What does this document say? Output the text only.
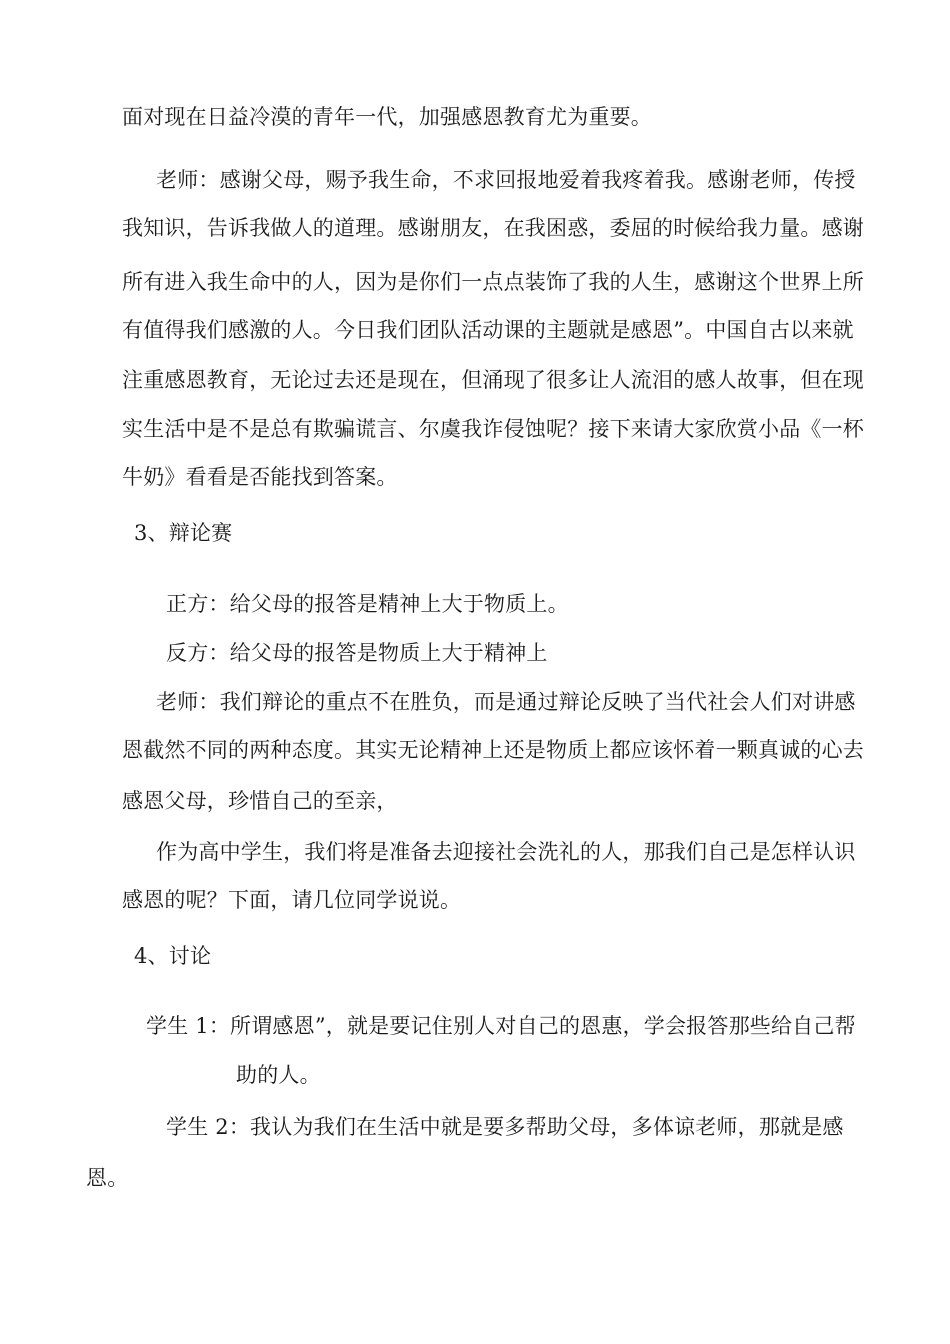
面对现在日益冷漠的青年一代，加强感恩教育尤为重要。
老师：感谢父母，赐予我生命，不求回报地爱着我疼着我。感谢老师，传授
我知识，告诉我做人的道理。感谢朋友，在我困惑，委屈的时候给我力量。感谢
所有进入我生命中的人，因为是你们一点点装饰了我的人生，感谢这个世界上所
有值得我们感激的人。今日我们团队活动课的主题就是感恩”。中国自古以来就
注重感恩教育，无论过去还是现在，但涌现了很多让人流泪的感人故事，但在现
实生活中是不是总有欺骗谎言、尔虞我诈侵蚀呢？接下来请大家欣赏小品《一杯
牛奶》看看是否能找到答案。
3、辩论赛
正方：给父母的报答是精神上大于物质上。
反方：给父母的报答是物质上大于精神上
老师：我们辩论的重点不在胜负，而是通过辩论反映了当代社会人们对讲感
恩截然不同的两种态度。其实无论精神上还是物质上都应该怀着一颗真诚的心去
感恩父母，珍惜自己的至亲，
作为高中学生，我们将是准备去迎接社会洗礼的人，那我们自己是怎样认识
感恩的呢？下面，请几位同学说说。
4、讨论
学生 1：所谓感恩”，就是要记住别人对自己的恩惠，学会报答那些给自己帮
助的人。
学生 2：我认为我们在生活中就是要多帮助父母，多体谅老师，那就是感
恩。
